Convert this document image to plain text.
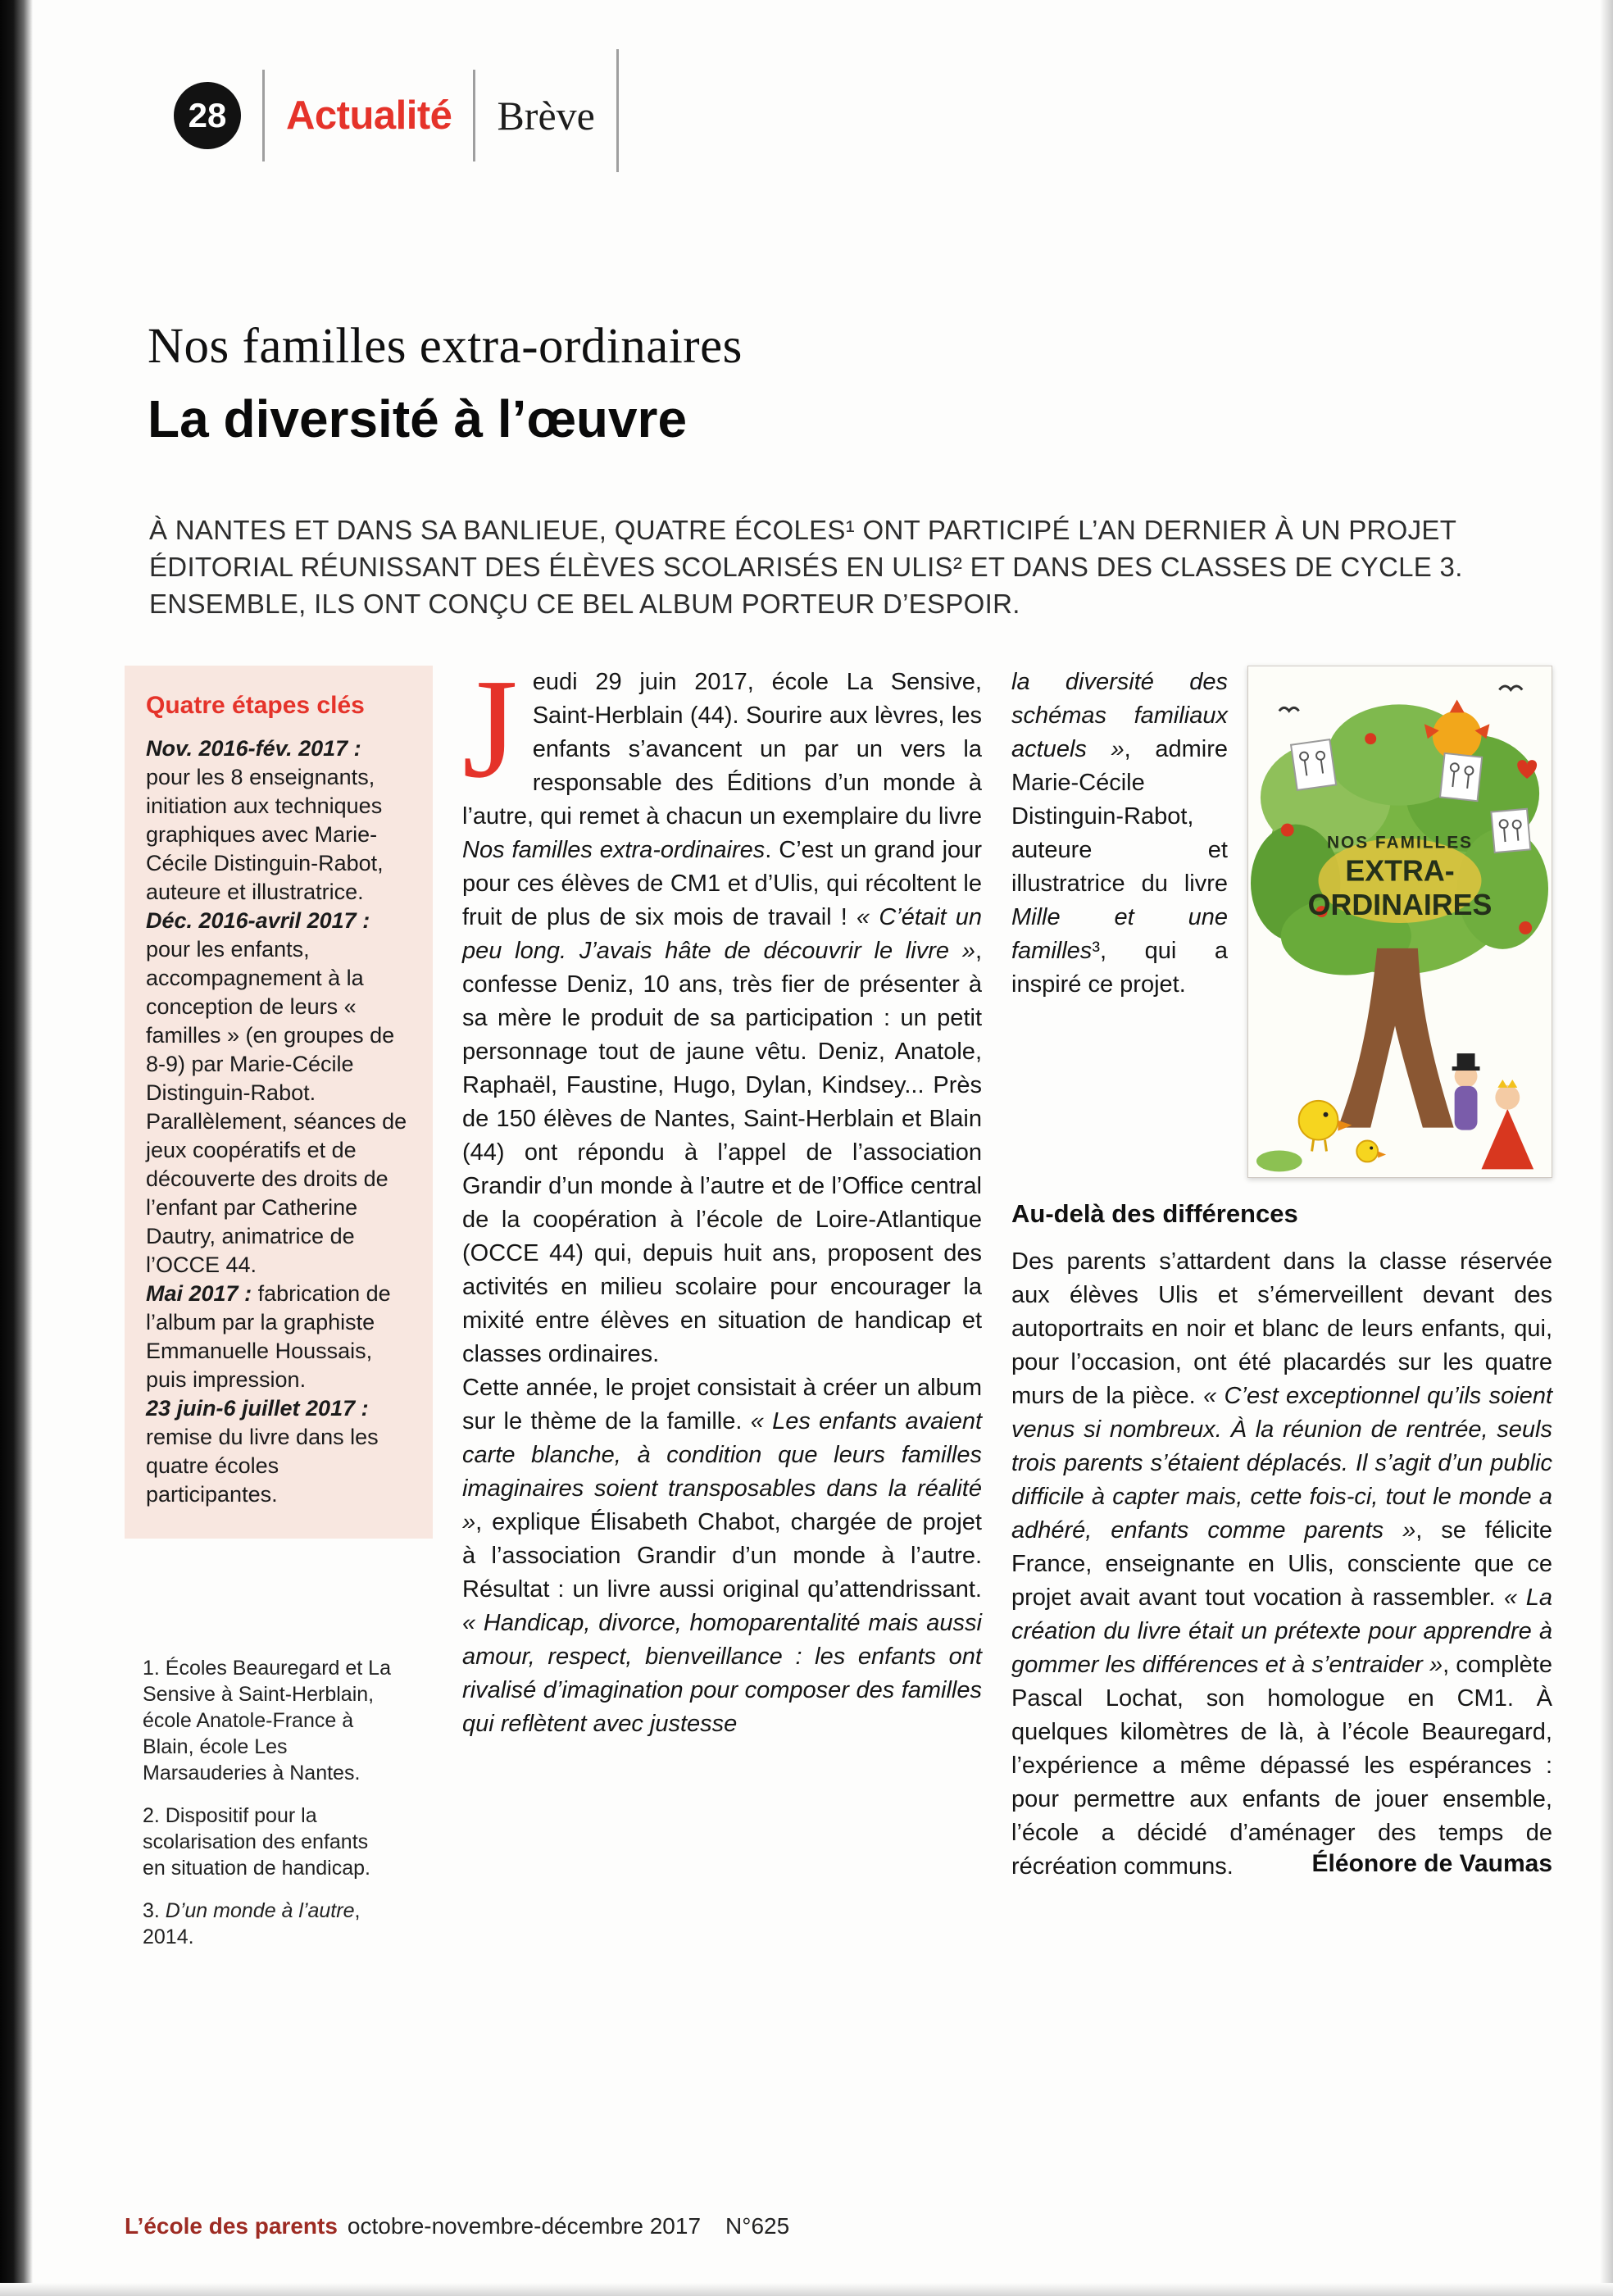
28	Actualité Brève
Nos familles extra-ordinaires
La diversité à l’œuvre
À NANTES ET DANS SA BANLIEUE, QUATRE ÉCOLES¹ ONT PARTICIPÉ L’AN DERNIER À UN PROJET ÉDITORIAL RÉUNISSANT DES ÉLÈVES SCOLARISÉS EN ULIS² ET DANS DES CLASSES DE CYCLE 3. ENSEMBLE, ILS ONT CONÇU CE BEL ALBUM PORTEUR D’ESPOIR.

Quatre étapes clés

Nov. 2016-fév. 2017 : pour les 8 enseignants, initiation aux techniques graphiques avec Marie-Cécile Distinguin-Rabot, auteure et illustratrice.

Déc. 2016-avril 2017 : pour les enfants, accompagnement à la conception de leurs « familles » (en groupes de 8-9) par Marie-Cécile Distinguin-Rabot. Parallèlement, séances de jeux coopératifs et de découverte des droits de l’enfant par Catherine Dautry, animatrice de l’OCCE 44.

Mai 2017 : fabrication de l’album par la graphiste Emmanuelle Houssais, puis impression.

23 juin-6 juillet 2017 : remise du livre dans les quatre écoles participantes.

1. Écoles Beauregard et La Sensive à Saint-Herblain, école Anatole-France à Blain, école Les Marsauderies à Nantes.

2. Dispositif pour la scolarisation des enfants en situation de handicap.

3. D’un monde à l’autre, 2014.

Jeudi 29 juin 2017, école La Sensive, Saint-Herblain (44). Sourire aux lèvres, les enfants s’avancent un par un vers la responsable des Éditions d’un monde à l’autre, qui remet à chacun un exemplaire du livre Nos familles extra-ordinaires. C’est un grand jour pour ces élèves de CM1 et d’Ulis, qui récoltent le fruit de plus de six mois de travail ! « C’était un peu long. J’avais hâte de découvrir le livre », confesse Deniz, 10 ans, très fier de présenter à sa mère le produit de sa participation : un petit personnage tout de jaune vêtu. Deniz, Anatole, Raphaël, Faustine, Hugo, Dylan, Kindsey... Près de 150 élèves de Nantes, Saint-Herblain et Blain (44) ont répondu à l’appel de l’association Grandir d’un monde à l’autre et de l’Office central de la coopération à l’école de Loire-Atlantique (OCCE 44) qui, depuis huit ans, proposent des activités en milieu scolaire pour encourager la mixité entre élèves en situation de handicap et classes ordinaires.

Cette année, le projet consistait à créer un album sur le thème de la famille. « Les enfants avaient carte blanche, à condition que leurs familles imaginaires soient transposables dans la réalité », explique Élisabeth Chabot, chargée de projet à l’association Grandir d’un monde à l’autre. Résultat : un livre aussi original qu’attendrissant. « Handicap, divorce, homoparentalité mais aussi amour, respect, bienveillance : les enfants ont rivalisé d’imagination pour composer des familles qui reflètent avec justesse

NOS FAMILLES
EXTRA-
ORDINAIRES

la diversité des schémas familiaux actuels », admire Marie-Cécile Distinguin-Rabot, auteure et illustratrice du livre Mille et une familles³, qui a inspiré ce projet.

Au-delà des différences

Des parents s’attardent dans la classe réservée aux élèves Ulis et s’émerveillent devant des autoportraits en noir et blanc de leurs enfants, qui, pour l’occasion, ont été placardés sur les quatre murs de la pièce. « C’est exceptionnel qu’ils soient venus si nombreux. À la réunion de rentrée, seuls trois parents s’étaient déplacés. Il s’agit d’un public difficile à capter mais, cette fois-ci, tout le monde a adhéré, enfants comme parents », se félicite France, enseignante en Ulis, consciente que ce projet avait avant tout vocation à rassembler. « La création du livre était un prétexte pour apprendre à gommer les différences et à s’entraider », complète Pascal Lochat, son homologue en CM1. À quelques kilomètres de là, à l’école Beauregard, l’expérience a même dépassé les espérances : pour permettre aux enfants de jouer ensemble, l’école a décidé d’aménager des temps de récréation communs.	Éléonore de Vaumas
L’école des parents octobre-novembre-décembre 2017 N°625
